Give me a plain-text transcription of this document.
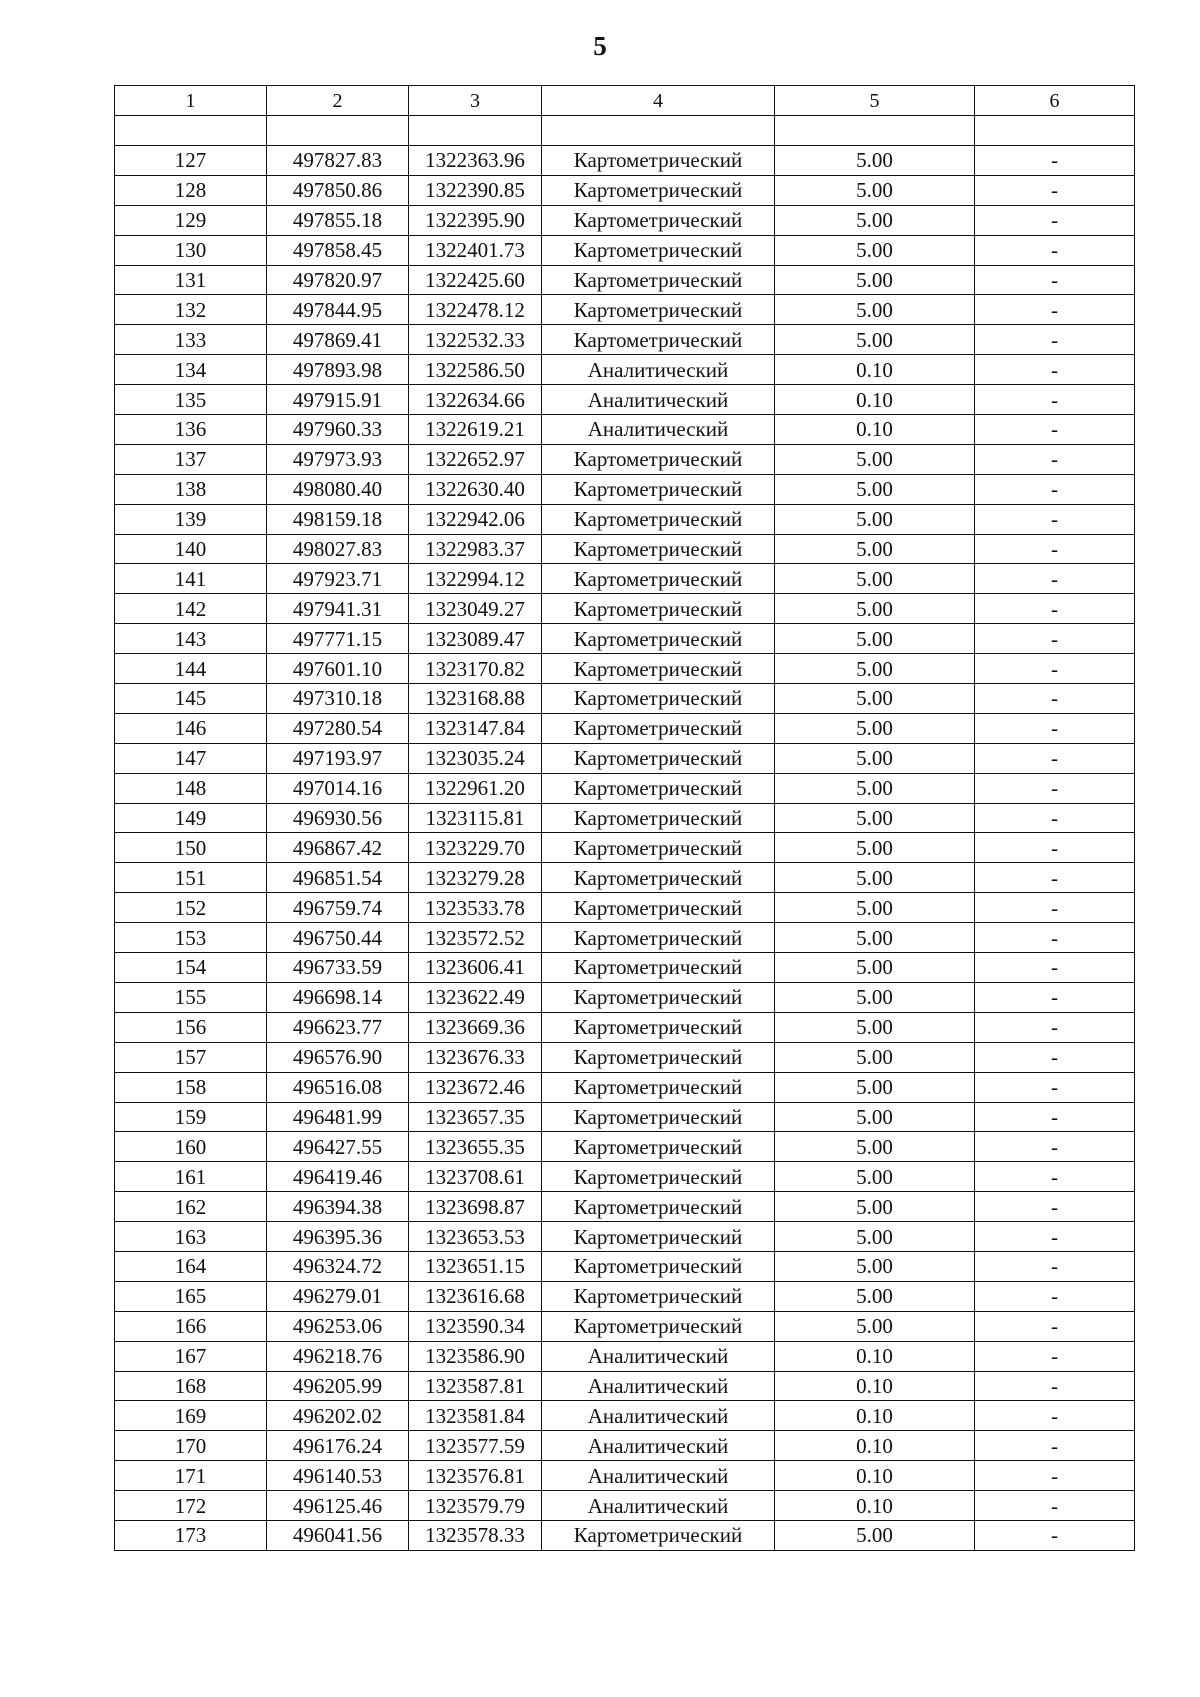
5
1	2	3	4	5	6

127	497827.83	1322363.96	Картометрический	5.00	-
128	497850.86	1322390.85	Картометрический	5.00	-
129	497855.18	1322395.90	Картометрический	5.00	-
130	497858.45	1322401.73	Картометрический	5.00	-
131	497820.97	1322425.60	Картометрический	5.00	-
132	497844.95	1322478.12	Картометрический	5.00	-
133	497869.41	1322532.33	Картометрический	5.00	-
134	497893.98	1322586.50	Аналитический	0.10	-
135	497915.91	1322634.66	Аналитический	0.10	-
136	497960.33	1322619.21	Аналитический	0.10	-
137	497973.93	1322652.97	Картометрический	5.00	-
138	498080.40	1322630.40	Картометрический	5.00	-
139	498159.18	1322942.06	Картометрический	5.00	-
140	498027.83	1322983.37	Картометрический	5.00	-
141	497923.71	1322994.12	Картометрический	5.00	-
142	497941.31	1323049.27	Картометрический	5.00	-
143	497771.15	1323089.47	Картометрический	5.00	-
144	497601.10	1323170.82	Картометрический	5.00	-
145	497310.18	1323168.88	Картометрический	5.00	-
146	497280.54	1323147.84	Картометрический	5.00	-
147	497193.97	1323035.24	Картометрический	5.00	-
148	497014.16	1322961.20	Картометрический	5.00	-
149	496930.56	1323115.81	Картометрический	5.00	-
150	496867.42	1323229.70	Картометрический	5.00	-
151	496851.54	1323279.28	Картометрический	5.00	-
152	496759.74	1323533.78	Картометрический	5.00	-
153	496750.44	1323572.52	Картометрический	5.00	-
154	496733.59	1323606.41	Картометрический	5.00	-
155	496698.14	1323622.49	Картометрический	5.00	-
156	496623.77	1323669.36	Картометрический	5.00	-
157	496576.90	1323676.33	Картометрический	5.00	-
158	496516.08	1323672.46	Картометрический	5.00	-
159	496481.99	1323657.35	Картометрический	5.00	-
160	496427.55	1323655.35	Картометрический	5.00	-
161	496419.46	1323708.61	Картометрический	5.00	-
162	496394.38	1323698.87	Картометрический	5.00	-
163	496395.36	1323653.53	Картометрический	5.00	-
164	496324.72	1323651.15	Картометрический	5.00	-
165	496279.01	1323616.68	Картометрический	5.00	-
166	496253.06	1323590.34	Картометрический	5.00	-
167	496218.76	1323586.90	Аналитический	0.10	-
168	496205.99	1323587.81	Аналитический	0.10	-
169	496202.02	1323581.84	Аналитический	0.10	-
170	496176.24	1323577.59	Аналитический	0.10	-
171	496140.53	1323576.81	Аналитический	0.10	-
172	496125.46	1323579.79	Аналитический	0.10	-
173	496041.56	1323578.33	Картометрический	5.00	-
